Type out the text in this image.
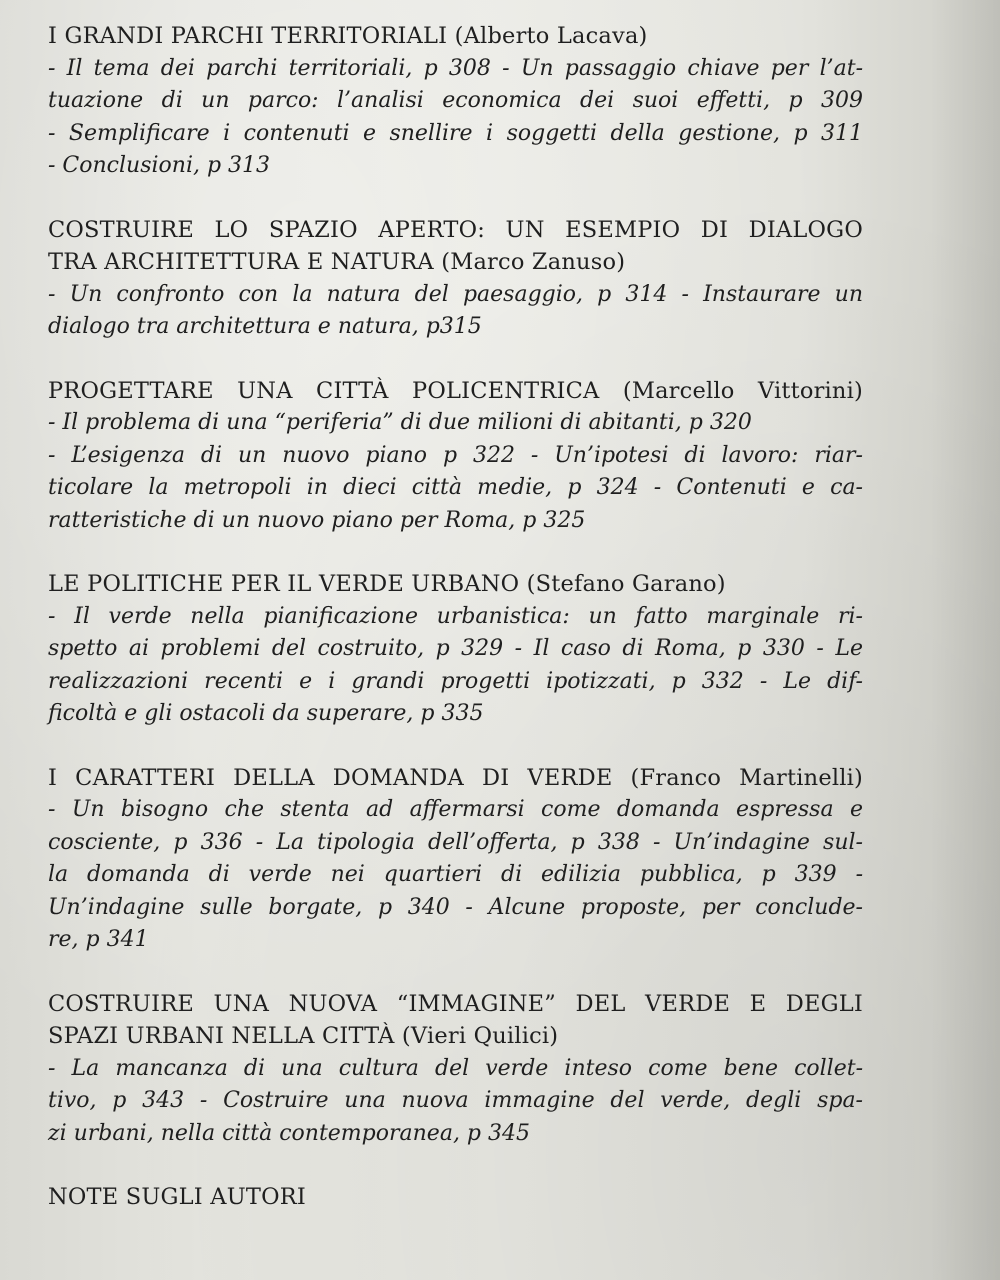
I GRANDI PARCHI TERRITORIALI (Alberto Lacava)
- Il tema dei parchi territoriali, p 308 - Un passaggio chiave per l’at-
tuazione di un parco: l’analisi economica dei suoi effetti, p 309
- Semplificare i contenuti e snellire i soggetti della gestione, p 311
- Conclusioni, p 313
COSTRUIRE LO SPAZIO APERTO: UN ESEMPIO DI DIALOGO
TRA ARCHITETTURA E NATURA (Marco Zanuso)
- Un confronto con la natura del paesaggio, p 314 - Instaurare un
dialogo tra architettura e natura, p315
PROGETTARE UNA CITTÀ POLICENTRICA (Marcello Vittorini)
- Il problema di una “periferia” di due milioni di abitanti, p 320
- L’esigenza di un nuovo piano p 322 - Un’ipotesi di lavoro: riar-
ticolare la metropoli in dieci città medie, p 324 - Contenuti e ca-
ratteristiche di un nuovo piano per Roma, p 325
LE POLITICHE PER IL VERDE URBANO (Stefano Garano)
- Il verde nella pianificazione urbanistica: un fatto marginale ri-
spetto ai problemi del costruito, p 329 - Il caso di Roma, p 330 - Le
realizzazioni recenti e i grandi progetti ipotizzati, p 332 - Le dif-
ficoltà e gli ostacoli da superare, p 335
I CARATTERI DELLA DOMANDA DI VERDE (Franco Martinelli)
- Un bisogno che stenta ad affermarsi come domanda espressa e
cosciente, p 336 - La tipologia dell’offerta, p 338 - Un’indagine sul-
la domanda di verde nei quartieri di edilizia pubblica, p 339 -
Un’indagine sulle borgate, p 340 - Alcune proposte, per conclude-
re, p 341
COSTRUIRE UNA NUOVA “IMMAGINE” DEL VERDE E DEGLI
SPAZI URBANI NELLA CITTÀ (Vieri Quilici)
- La mancanza di una cultura del verde inteso come bene collet-
tivo, p 343 - Costruire una nuova immagine del verde, degli spa-
zi urbani, nella città contemporanea, p 345
NOTE SUGLI AUTORI
